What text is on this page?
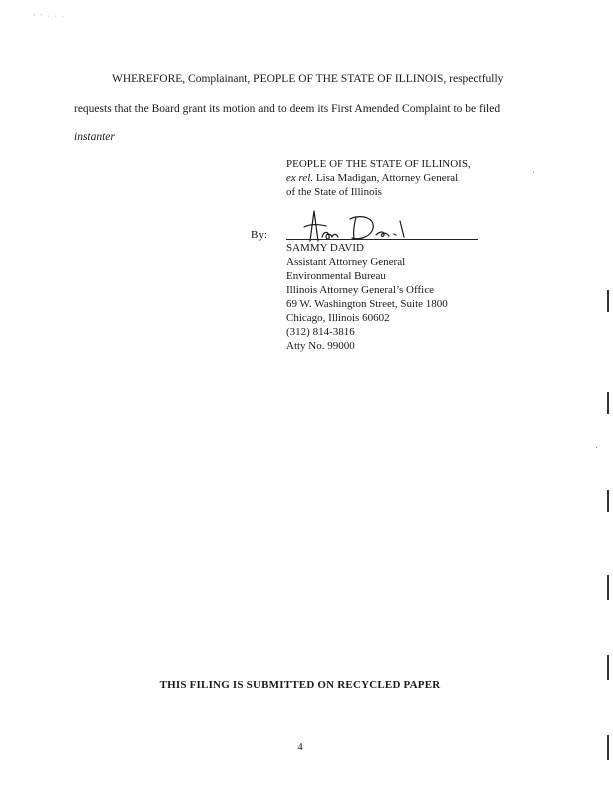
' ' · · ·
WHEREFORE, Complainant, PEOPLE OF THE STATE OF ILLINOIS, respectfully
requests that the Board grant its motion and to deem its First Amended Complaint to be filed
instanter
PEOPLE OF THE STATE OF ILLINOIS,
ex rel. Lisa Madigan, Attorney General
of the State of Illinois
By:
SAMMY DAVID
Assistant Attorney General
Environmental Bureau
Illinois Attorney General’s Office
69 W. Washington Street, Suite 1800
Chicago, Illinois 60602
(312) 814-3816
Atty No. 99000
THIS FILING IS SUBMITTED ON RECYCLED PAPER
4
